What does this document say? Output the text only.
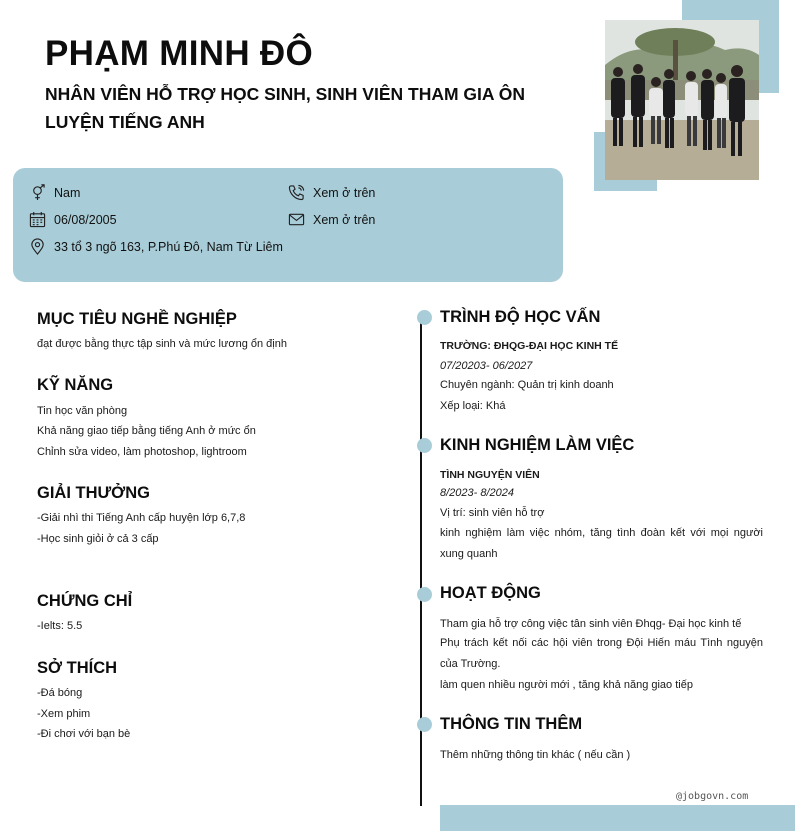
PHẠM MINH ĐÔ
NHÂN VIÊN HỖ TRỢ HỌC SINH, SINH VIÊN THAM GIA ÔN LUYỆN TIẾNG ANH
Nam
06/08/2005
33 tổ 3 ngõ 163, P.Phú Đô, Nam Từ Liêm
Xem ở trên
Xem ở trên
MỤC TIÊU NGHỀ NGHIỆP
đạt được bằng thực tập sinh và mức lương ổn định
KỸ NĂNG
Tin học văn phòng
Khả năng giao tiếp bằng tiếng Anh ở mức ổn
Chỉnh sửa video, làm photoshop, lightroom
GIẢI THƯỞNG
-Giải nhì thi Tiếng Anh cấp huyện lớp 6,7,8
-Học sinh giỏi ở cả 3 cấp
CHỨNG CHỈ
-Ielts: 5.5
SỞ THÍCH
-Đá bóng
-Xem phim
-Đi chơi với bạn bè
TRÌNH ĐỘ HỌC VẤN
TRƯỜNG: ĐHQG-ĐẠI HỌC KINH TẾ
07/20203- 06/2027
Chuyên ngành: Quản trị kinh doanh
Xếp loại: Khá
KINH NGHIỆM LÀM VIỆC
TÌNH NGUYỆN VIÊN
8/2023- 8/2024
Vị trí: sinh viên hỗ trợ
kinh nghiệm làm việc nhóm, tăng tình đoàn kết với mọi người xung quanh
HOẠT ĐỘNG
Tham gia hỗ trợ công việc tân sinh viên Đhqg- Đại học kinh tế
Phụ trách kết nối các hội viên trong Đội Hiến máu Tình nguyện của Trường.
làm quen nhiều người mới , tăng khả năng giao tiếp
THÔNG TIN THÊM
Thêm những thông tin khác ( nếu cần )
@jobgovn.com
